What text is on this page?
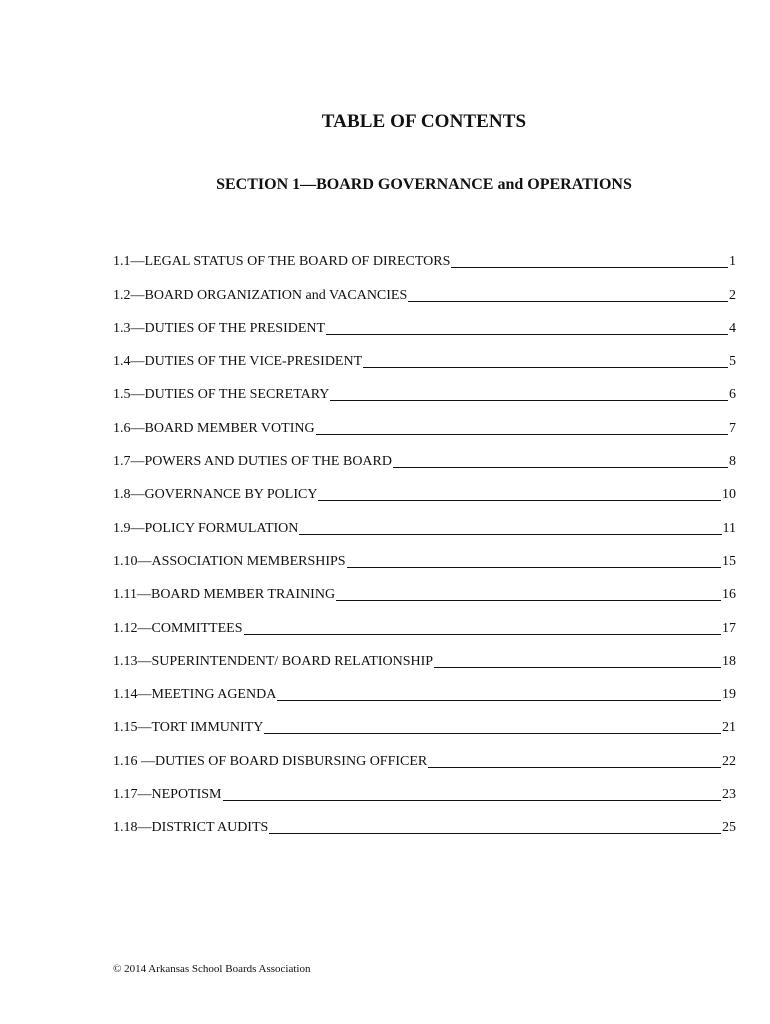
TABLE OF CONTENTS
SECTION 1—BOARD GOVERNANCE and OPERATIONS
1.1—LEGAL STATUS OF THE BOARD OF DIRECTORS	1
1.2—BOARD ORGANIZATION and VACANCIES	2
1.3—DUTIES OF THE PRESIDENT	4
1.4—DUTIES OF THE VICE-PRESIDENT	5
1.5—DUTIES OF THE SECRETARY	6
1.6—BOARD MEMBER VOTING	7
1.7—POWERS AND DUTIES OF THE BOARD	8
1.8—GOVERNANCE BY POLICY	10
1.9—POLICY FORMULATION	11
1.10—ASSOCIATION MEMBERSHIPS	15
1.11—BOARD MEMBER TRAINING	16
1.12—COMMITTEES	17
1.13—SUPERINTENDENT/ BOARD RELATIONSHIP	18
1.14—MEETING AGENDA	19
1.15—TORT IMMUNITY	21
1.16 —DUTIES OF BOARD DISBURSING OFFICER	22
1.17—NEPOTISM	23
1.18—DISTRICT AUDITS	25
© 2014 Arkansas School Boards Association
